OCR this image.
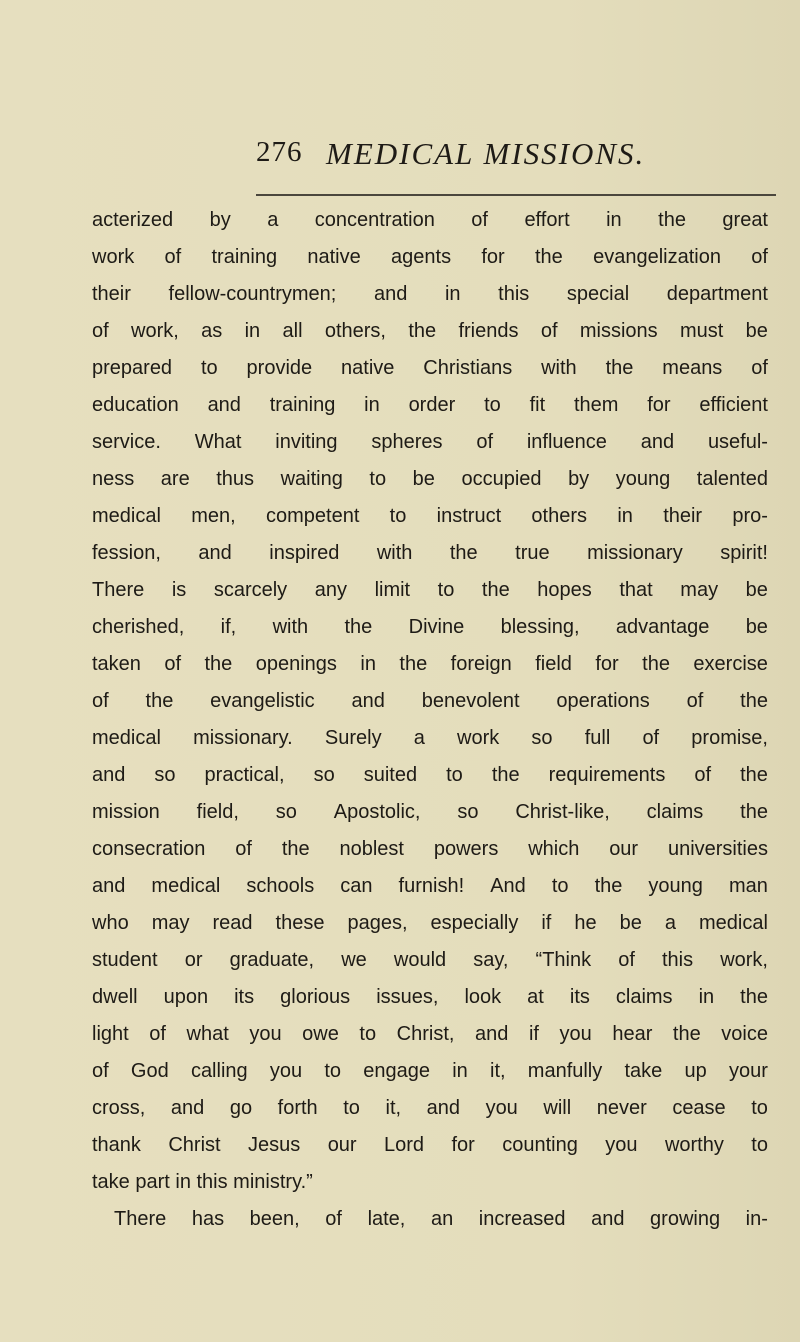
276 MEDICAL MISSIONS.
acterized by a concentration of effort in the great
work of training native agents for the evangelization of
their fellow-countrymen; and in this special department
of work, as in all others, the friends of missions must be
prepared to provide native Christians with the means of
education and training in order to fit them for efficient
service. What inviting spheres of influence and useful-
ness are thus waiting to be occupied by young talented
medical men, competent to instruct others in their pro-
fession, and inspired with the true missionary spirit!
There is scarcely any limit to the hopes that may be
cherished, if, with the Divine blessing, advantage be
taken of the openings in the foreign field for the exercise
of the evangelistic and benevolent operations of the
medical missionary. Surely a work so full of promise,
and so practical, so suited to the requirements of the
mission field, so Apostolic, so Christ-like, claims the
consecration of the noblest powers which our universities
and medical schools can furnish! And to the young man
who may read these pages, especially if he be a medical
student or graduate, we would say, “Think of this work,
dwell upon its glorious issues, look at its claims in the
light of what you owe to Christ, and if you hear the voice
of God calling you to engage in it, manfully take up your
cross, and go forth to it, and you will never cease to
thank Christ Jesus our Lord for counting you worthy to
take part in this ministry.”
There has been, of late, an increased and growing in-
